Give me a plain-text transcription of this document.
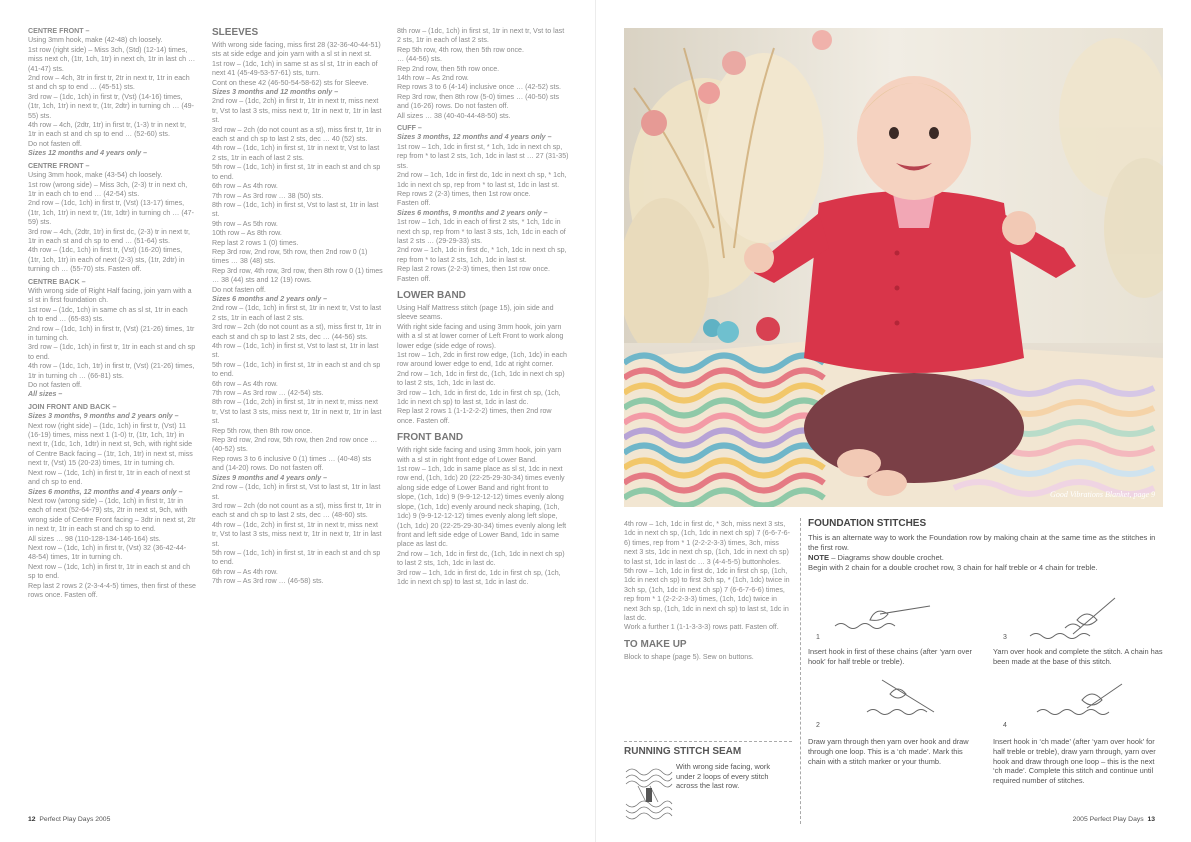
CENTRE FRONT –
Using 3mm hook, make (42-48) ch loosely.
1st row (right side) – Miss 3ch, (Std) (12-14) times, miss next ch, (1tr, 1ch, 1tr) in next ch, 1tr in last ch … (41-47) sts.
2nd row – 4ch, 3tr in first tr, 2tr in next tr, 1tr in each st and ch sp to end … (45-51) sts.
3rd row – (1dc, 1ch) in first tr, (Vst) (14-16) times, (1tr, 1ch, 1tr) in next tr, (1tr, 2dtr) in turning ch … (49-55) sts.
4th row – 4ch, (2dtr, 1tr) in first tr, (1-3) tr in next tr, 1tr in each st and ch sp to end … (52-60) sts.
Do not fasten off.
Sizes 12 months and 4 years only –
CENTRE FRONT –
Using 3mm hook, make (43-54) ch loosely.
1st row (wrong side) – Miss 3ch, (2-3) tr in next ch, 1tr in each ch to end … (42-54) sts.
2nd row – (1dc, 1ch) in first tr, (Vst) (13-17) times, (1tr, 1ch, 1tr) in next tr, (1tr, 1dtr) in turning ch … (47-59) sts.
3rd row – 4ch, (2dtr, 1tr) in first dc, (2-3) tr in next tr, 1tr in each st and ch sp to end … (51-64) sts.
4th row – (1dc, 1ch) in first tr, (Vst) (16-20) times, (1tr, 1ch, 1tr) in each of next (2-3) sts, (1tr, 2dtr) in turning ch … (55-70) sts. Fasten off.
CENTRE BACK –
With wrong side of Right Half facing, join yarn with a sl st in first foundation ch.
1st row – (1dc, 1ch) in same ch as sl st, 1tr in each ch to end … (65-83) sts.
2nd row – (1dc, 1ch) in first tr, (Vst) (21-26) times, 1tr in turning ch.
3rd row – (1dc, 1ch) in first tr, 1tr in each st and ch sp to end.
4th row – (1dc, 1ch, 1tr) in first tr, (Vst) (21-26) times, 1tr in turning ch … (66-81) sts.
Do not fasten off.
All sizes –
JOIN FRONT AND BACK –
Sizes 3 months, 9 months and 2 years only –
Next row (right side) – (1dc, 1ch) in first tr, (Vst) 11 (16-19) times, miss next 1 (1-0) tr, (1tr, 1ch, 1tr) in next tr, (1dc, 1ch, 1dtr) in next st, 9ch, with right side of Centre Back facing – (1tr, 1ch, 1tr) in next st, miss next tr, (Vst) 15 (20-23) times, 1tr in turning ch.
Next row – (1dc, 1ch) in first tr, 1tr in each of next st and ch sp to end.
Sizes 6 months, 12 months and 4 years only –
Next row (wrong side) – (1dc, 1ch) in first tr, 1tr in each of next (52-64-79) sts, 2tr in next st, 9ch, with wrong side of Centre Front facing – 3dtr in next st, 2tr in next tr, 1tr in each st and ch sp to end.
All sizes … 98 (110-128-134-146-164) sts.
Next row – (1dc, 1ch) in first tr, (Vst) 32 (36-42-44-48-54) times, 1tr in turning ch.
Next row – (1dc, 1ch) in first tr, 1tr in each st and ch sp to end.
Rep last 2 rows 2 (2-3-4-4-5) times, then first of these rows once. Fasten off.
SLEEVES
With wrong side facing, miss first 28 (32-36-40-44-51) sts at side edge and join yarn with a sl st in next st.
1st row – (1dc, 1ch) in same st as sl st, 1tr in each of next 41 (45-49-53-57-61) sts, turn.
Cont on these 42 (46-50-54-58-62) sts for Sleeve.
Sizes 3 months and 12 months only –
2nd row – (1dc, 2ch) in first tr, 1tr in next tr, miss next tr, Vst to last 3 sts, miss next tr, 1tr in next tr, 1tr in last st.
3rd row – 2ch (do not count as a st), miss first tr, 1tr in each st and ch sp to last 2 sts, dec … 40 (52) sts.
4th row – (1dc, 1ch) in first st, 1tr in next tr, Vst to last 2 sts, 1tr in each of last 2 sts.
5th row – (1dc, 1ch) in first st, 1tr in each st and ch sp to end.
6th row – As 4th row.
7th row – As 3rd row … 38 (50) sts.
8th row – (1dc, 1ch) in first st, Vst to last st, 1tr in last st.
9th row – As 5th row.
10th row – As 8th row.
Rep last 2 rows 1 (0) times.
Rep 3rd row, 2nd row, 5th row, then 2nd row 0 (1) times … 38 (48) sts.
Rep 3rd row, 4th row, 3rd row, then 8th row 0 (1) times … 38 (44) sts and 12 (19) rows.
Do not fasten off.
Sizes 6 months and 2 years only –
2nd row – (1dc, 1ch) in first st, 1tr in next tr, Vst to last 2 sts, 1tr in each of last 2 sts.
3rd row – 2ch (do not count as a st), miss first tr, 1tr in each st and ch sp to last 2 sts, dec … (44-56) sts.
4th row – (1dc, 1ch) in first st, Vst to last st, 1tr in last st.
5th row – (1dc, 1ch) in first st, 1tr in each st and ch sp to end.
6th row – As 4th row.
7th row – As 3rd row … (42-54) sts.
8th row – (1dc, 2ch) in first st, 1tr in next tr, miss next tr, Vst to last 3 sts, miss next tr, 1tr in next tr, 1tr in last st.
Rep 5th row, then 8th row once.
Rep 3rd row, 2nd row, 5th row, then 2nd row once … (40-52) sts.
Rep rows 3 to 6 inclusive 0 (1) times … (40-48) sts and (14-20) rows. Do not fasten off.
Sizes 9 months and 4 years only –
2nd row – (1dc, 1ch) in first st, Vst to last st, 1tr in last st.
3rd row – 2ch (do not count as a st), miss first tr, 1tr in each st and ch sp to last 2 sts, dec … (48-60) sts.
4th row – (1dc, 2ch) in first st, 1tr in next tr, miss next tr, Vst to last 3 sts, miss next tr, 1tr in next tr, 1tr in last st.
5th row – (1dc, 1ch) in first st, 1tr in each st and ch sp to end.
6th row – As 4th row.
7th row – As 3rd row … (46-58) sts.
8th row – (1dc, 1ch) in first st, 1tr in next tr, Vst to last 2 sts, 1tr in each of last 2 sts.
Rep 5th row, 4th row, then 5th row once.
… (44-56) sts.
Rep 2nd row, then 5th row once.
14th row – As 2nd row.
Rep rows 3 to 6 (4-14) inclusive once … (42-52) sts.
Rep 3rd row, then 8th row (5-0) times … (40-50) sts and (16-26) rows. Do not fasten off.
All sizes … 38 (40-40-44-48-50) sts.
CUFF –
Sizes 3 months, 12 months and 4 years only –
1st row – 1ch, 1dc in first st, * 1ch, 1dc in next ch sp, rep from * to last 2 sts, 1ch, 1dc in last st … 27 (31-35) sts.
2nd row – 1ch, 1dc in first dc, 1dc in next ch sp, * 1ch, 1dc in next ch sp, rep from * to last st, 1dc in last st.
Rep rows 2 (2-3) times, then 1st row once.
Fasten off.
Sizes 6 months, 9 months and 2 years only –
1st row – 1ch, 1dc in each of first 2 sts, * 1ch, 1dc in next ch sp, rep from * to last 3 sts, 1ch, 1dc in each of last 2 sts … (29-29-33) sts.
2nd row – 1ch, 1dc in first dc, * 1ch, 1dc in next ch sp, rep from * to last 2 sts, 1ch, 1dc in last st.
Rep last 2 rows (2-2-3) times, then 1st row once. Fasten off.
LOWER BAND
Using Half Mattress stitch (page 15), join side and sleeve seams.
With right side facing and using 3mm hook, join yarn with a sl st at lower corner of Left Front to work along lower edge (side edge of rows).
1st row – 1ch, 2dc in first row edge, (1ch, 1dc) in each row around lower edge to end, 1dc at right corner.
2nd row – 1ch, 1dc in first dc, (1ch, 1dc in next ch sp) to last 2 sts, 1ch, 1dc in last dc.
3rd row – 1ch, 1dc in first dc, 1dc in first ch sp, (1ch, 1dc in next ch sp) to last st, 1dc in last dc.
Rep last 2 rows 1 (1-1-2-2-2) times, then 2nd row once. Fasten off.
FRONT BAND
With right side facing and using 3mm hook, join yarn with a sl st in right front edge of Lower Band.
1st row – 1ch, 1dc in same place as sl st, 1dc in next row end, (1ch, 1dc) 20 (22-25-29-30-34) times evenly along side edge of Lower Band and right front to slope, (1ch, 1dc) 9 (9-9-12-12-12) times evenly along slope, (1ch, 1dc) evenly around neck shaping, (1ch, 1dc) 9 (9-9-12-12-12) times evenly along left slope, (1ch, 1dc) 20 (22-25-29-30-34) times evenly along left front and left side edge of Lower Band, 1dc in same place as last dc.
2nd row – 1ch, 1dc in first dc, (1ch, 1dc in next ch sp) to last 2 sts, 1ch, 1dc in last dc.
3rd row – 1ch, 1dc in first dc, 1dc in first ch sp, (1ch, 1dc in next ch sp) to last st, 1dc in last dc.
Good Vibrations Blanket, page 9
4th row – 1ch, 1dc in first dc, * 3ch, miss next 3 sts, 1dc in next ch sp, (1ch, 1dc in next ch sp) 7 (6-6-7-6-6) times, rep from * 1 (2-2-2-3-3) times, 3ch, miss next 3 sts, 1dc in next ch sp, (1ch, 1dc in next ch sp) to last st, 1dc in last dc … 3 (4-4-5-5) buttonholes.
5th row – 1ch, 1dc in first dc, 1dc in first ch sp, (1ch, 1dc in next ch sp) to first 3ch sp, * (1ch, 1dc) twice in 3ch sp, (1ch, 1dc in next ch sp) 7 (6-6-7-6-6) times, rep from * 1 (2-2-2-3-3) times, (1ch, 1dc) twice in next 3ch sp, (1ch, 1dc in next ch sp) to last st, 1dc in last dc.
Work a further 1 (1-1-3-3-3) rows patt. Fasten off.
TO MAKE UP
Block to shape (page 5). Sew on buttons.
RUNNING STITCH SEAM
With wrong side facing, work under 2 loops of every stitch across the last row.
FOUNDATION STITCHES
This is an alternate way to work the Foundation row by making chain at the same time as the stitches in the first row.
NOTE – Diagrams show double crochet.
Begin with 2 chain for a double crochet row, 3 chain for half treble or 4 chain for treble.
1
Insert hook in first of these chains (after ‘yarn over hook’ for half treble or treble).
2
Draw yarn through then yarn over hook and draw through one loop. This is a ‘ch made’. Mark this chain with a stitch marker or your thumb.
3
Yarn over hook and complete the stitch. A chain has been made at the base of this stitch.
4
Insert hook in ‘ch made’ (after ‘yarn over hook’ for half treble or treble), draw yarn through, yarn over hook and draw through one loop – this is the next ‘ch made’. Complete this stitch and continue until required number of stitches.
12 Perfect Play Days 2005	2005 Perfect Play Days 13
